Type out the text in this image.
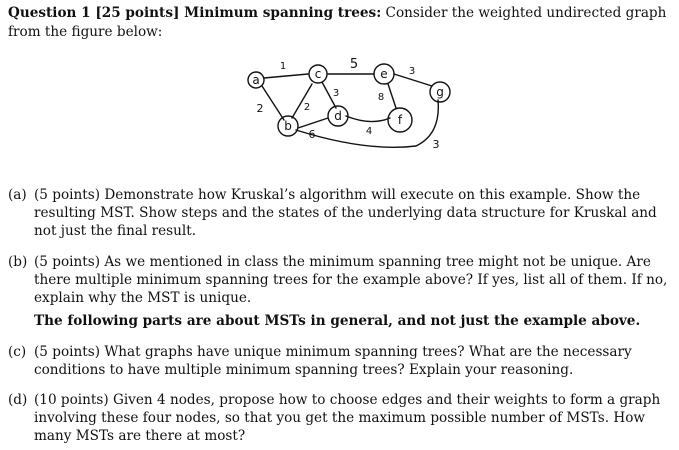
Question 1 [25 points] Minimum spanning trees: Consider the weighted undirected graph from the figure below:
a
b
c
d
e
f
g
1
2	2
3
5
6
3
8
4
3
(a) (5 points) Demonstrate how Kruskal’s algorithm will execute on this example. Show the resulting MST. Show steps and the states of the underlying data structure for Kruskal and not just the final result.
(b) (5 points) As we mentioned in class the minimum spanning tree might not be unique. Are there multiple minimum spanning trees for the example above? If yes, list all of them. If no, explain why the MST is unique.
The following parts are about MSTs in general, and not just the example above.
(c) (5 points) What graphs have unique minimum spanning trees? What are the necessary conditions to have multiple minimum spanning trees? Explain your reasoning.
(d) (10 points) Given 4 nodes, propose how to choose edges and their weights to form a graph involving these four nodes, so that you get the maximum possible number of MSTs. How many MSTs are there at most?
